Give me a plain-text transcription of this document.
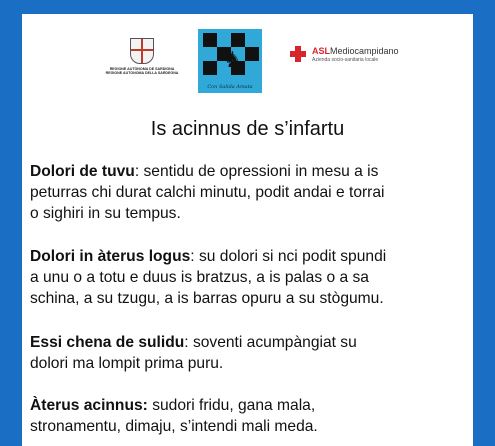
REGIONE AUTÒNOMA DE SARDIGNA
REGIONE AUTONOMA DELLA SARDEGNA
♞
Con Salida Amata
ASLMediocampidano
Azienda socio-sanitaria locale
Is acinnus de s’infartu
Dolori de tuvu: sentidu de opressioni in mesu a is
peturras chi durat calchi minutu, podit andai e torrai
o sighiri in su tempus.
Dolori in àterus logus: su dolori si nci podit spundi
a unu o a totu e duus is bratzus, a is palas o a sa
schina, a su tzugu, a is barras opuru a su stògumu.
Essi chena de sulidu: soventi acumpàngiat su
dolori ma lompit prima puru.
Àterus acinnus: sudori fridu, gana mala,
stronamentu, dimaju, s’intendi mali meda.
